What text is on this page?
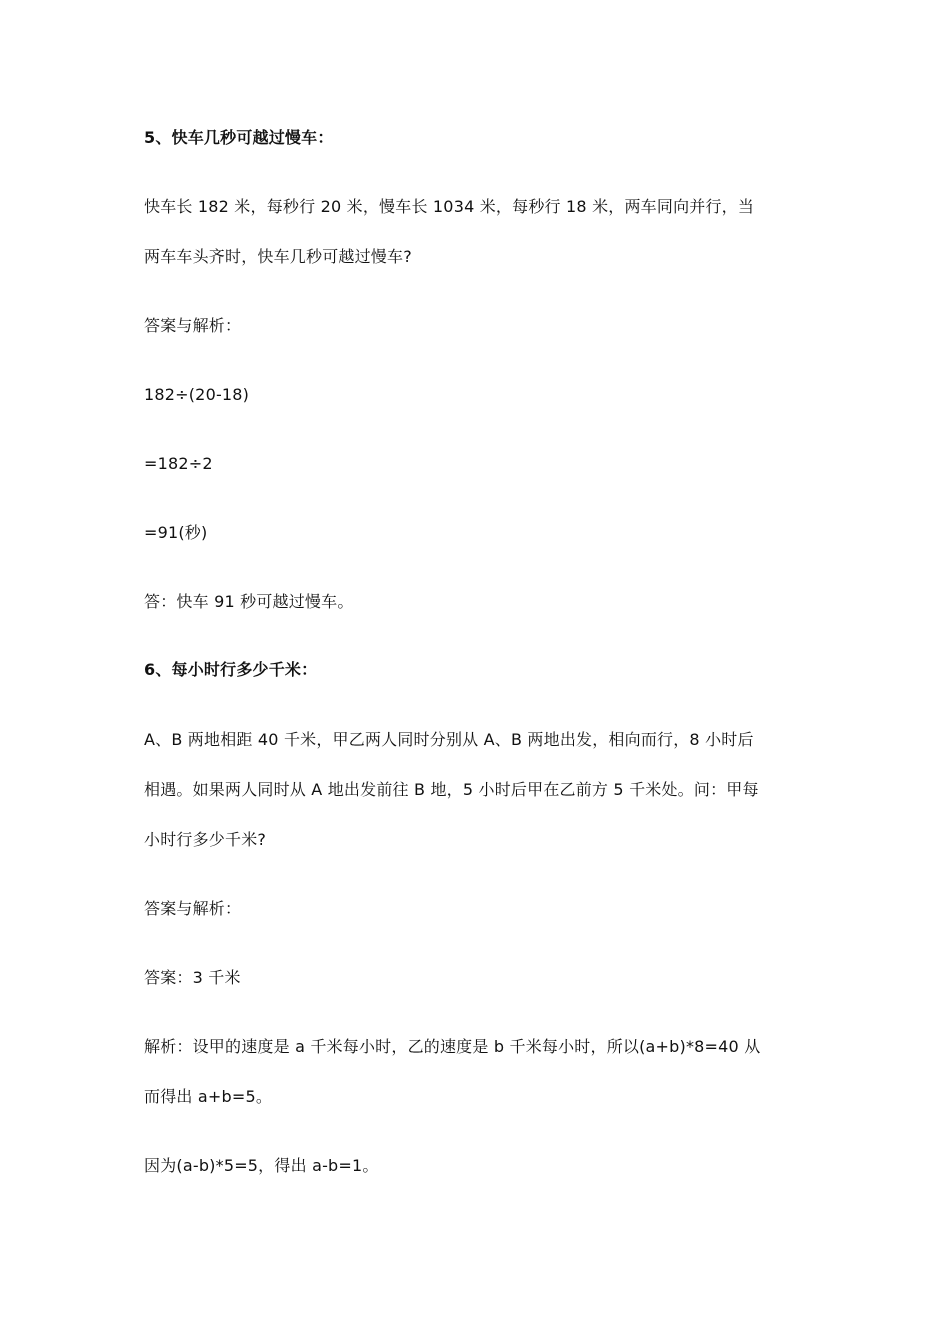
5、快车几秒可越过慢车：
快车长 182 米，每秒行 20 米，慢车长 1034 米，每秒行 18 米，两车同向并行，当
两车车头齐时，快车几秒可越过慢车?
答案与解析：
182÷(20-18)
=182÷2
=91(秒)
答：快车 91 秒可越过慢车。
6、每小时行多少千米：
A、B 两地相距 40 千米，甲乙两人同时分别从 A、B 两地出发，相向而行，8 小时后
相遇。如果两人同时从 A 地出发前往 B 地，5 小时后甲在乙前方 5 千米处。问：甲每
小时行多少千米?
答案与解析：
答案：3 千米
解析：设甲的速度是 a 千米每小时，乙的速度是 b 千米每小时，所以(a+b)*8=40 从
而得出 a+b=5。
因为(a-b)*5=5，得出 a-b=1。
